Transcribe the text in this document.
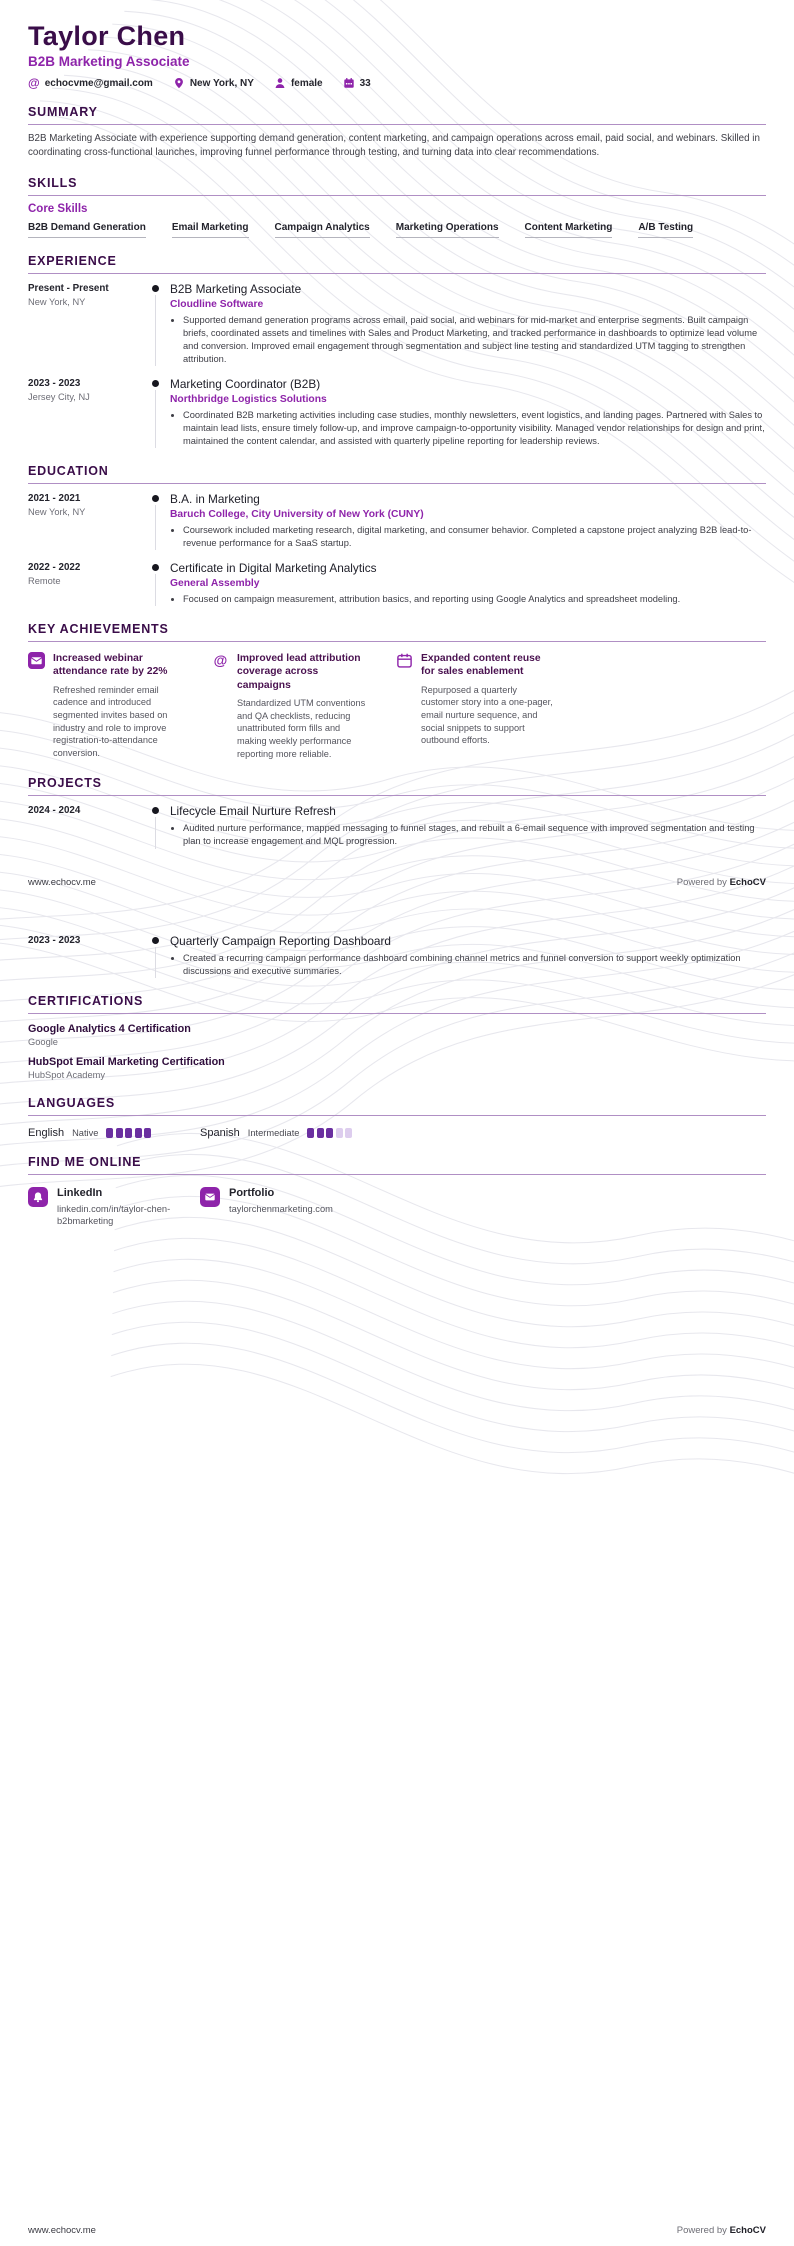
Taylor Chen
B2B Marketing Associate
@ echocvme@gmail.com	New York, NY	female	33
SUMMARY

B2B Marketing Associate with experience supporting demand generation, content marketing, and campaign operations across email, paid social, and webinars. Skilled in coordinating cross-functional launches, improving funnel performance through testing, and turning data into clear recommendations.

SKILLS
Core Skills
B2B Demand Generation	Email Marketing	Campaign Analytics	Marketing Operations	Content Marketing	A/B Testing
EXPERIENCE
Present - Present
New York, NY
B2B Marketing Associate
Cloudline Software
• Supported demand generation programs across email, paid social, and webinars for mid-market and enterprise segments. Built campaign briefs, coordinated assets and timelines with Sales and Product Marketing, and tracked performance in dashboards to optimize lead volume and conversion. Improved email engagement through segmentation and subject line testing and standardized UTM tagging to strengthen attribution.
2023 - 2023
Jersey City, NJ
Marketing Coordinator (B2B)
Northbridge Logistics Solutions
• Coordinated B2B marketing activities including case studies, monthly newsletters, event logistics, and landing pages. Partnered with Sales to maintain lead lists, ensure timely follow-up, and improve campaign-to-opportunity visibility. Managed vendor relationships for design and print, maintained the content calendar, and assisted with quarterly pipeline reporting for leadership reviews.
EDUCATION
2021 - 2021
New York, NY
B.A. in Marketing
Baruch College, City University of New York (CUNY)
• Coursework included marketing research, digital marketing, and consumer behavior. Completed a capstone project analyzing B2B lead-to-revenue performance for a SaaS startup.
2022 - 2022
Remote
Certificate in Digital Marketing Analytics
General Assembly
• Focused on campaign measurement, attribution basics, and reporting using Google Analytics and spreadsheet modeling.
KEY ACHIEVEMENTS
Increased webinar attendance rate by 22%

Refreshed reminder email cadence and introduced segmented invites based on industry and role to improve registration-to-attendance conversion.

@ Improved lead attribution coverage across campaigns

Standardized UTM conventions and QA checklists, reducing unattributed form fills and making weekly performance reporting more reliable.

Expanded content reuse for sales enablement

Repurposed a quarterly customer story into a one-pager, email nurture sequence, and social snippets to support outbound efforts.

PROJECTS
2024 - 2024	Lifecycle Email Nurture Refresh
• Audited nurture performance, mapped messaging to funnel stages, and rebuilt a 6-email sequence with improved segmentation and testing plan to increase engagement and MQL progression.
www.echocv.me	Powered by EchoCV
2023 - 2023	Quarterly Campaign Reporting Dashboard
• Created a recurring campaign performance dashboard combining channel metrics and funnel conversion to support weekly optimization discussions and executive summaries.
CERTIFICATIONS
Google Analytics 4 Certification
Google
HubSpot Email Marketing Certification
HubSpot Academy
LANGUAGES
English Native	Spanish Intermediate
FIND ME ONLINE
LinkedIn
linkedin.com/in/taylor-chen-b2bmarketing
Portfolio
taylorchenmarketing.com
www.echocv.me	Powered by EchoCV
